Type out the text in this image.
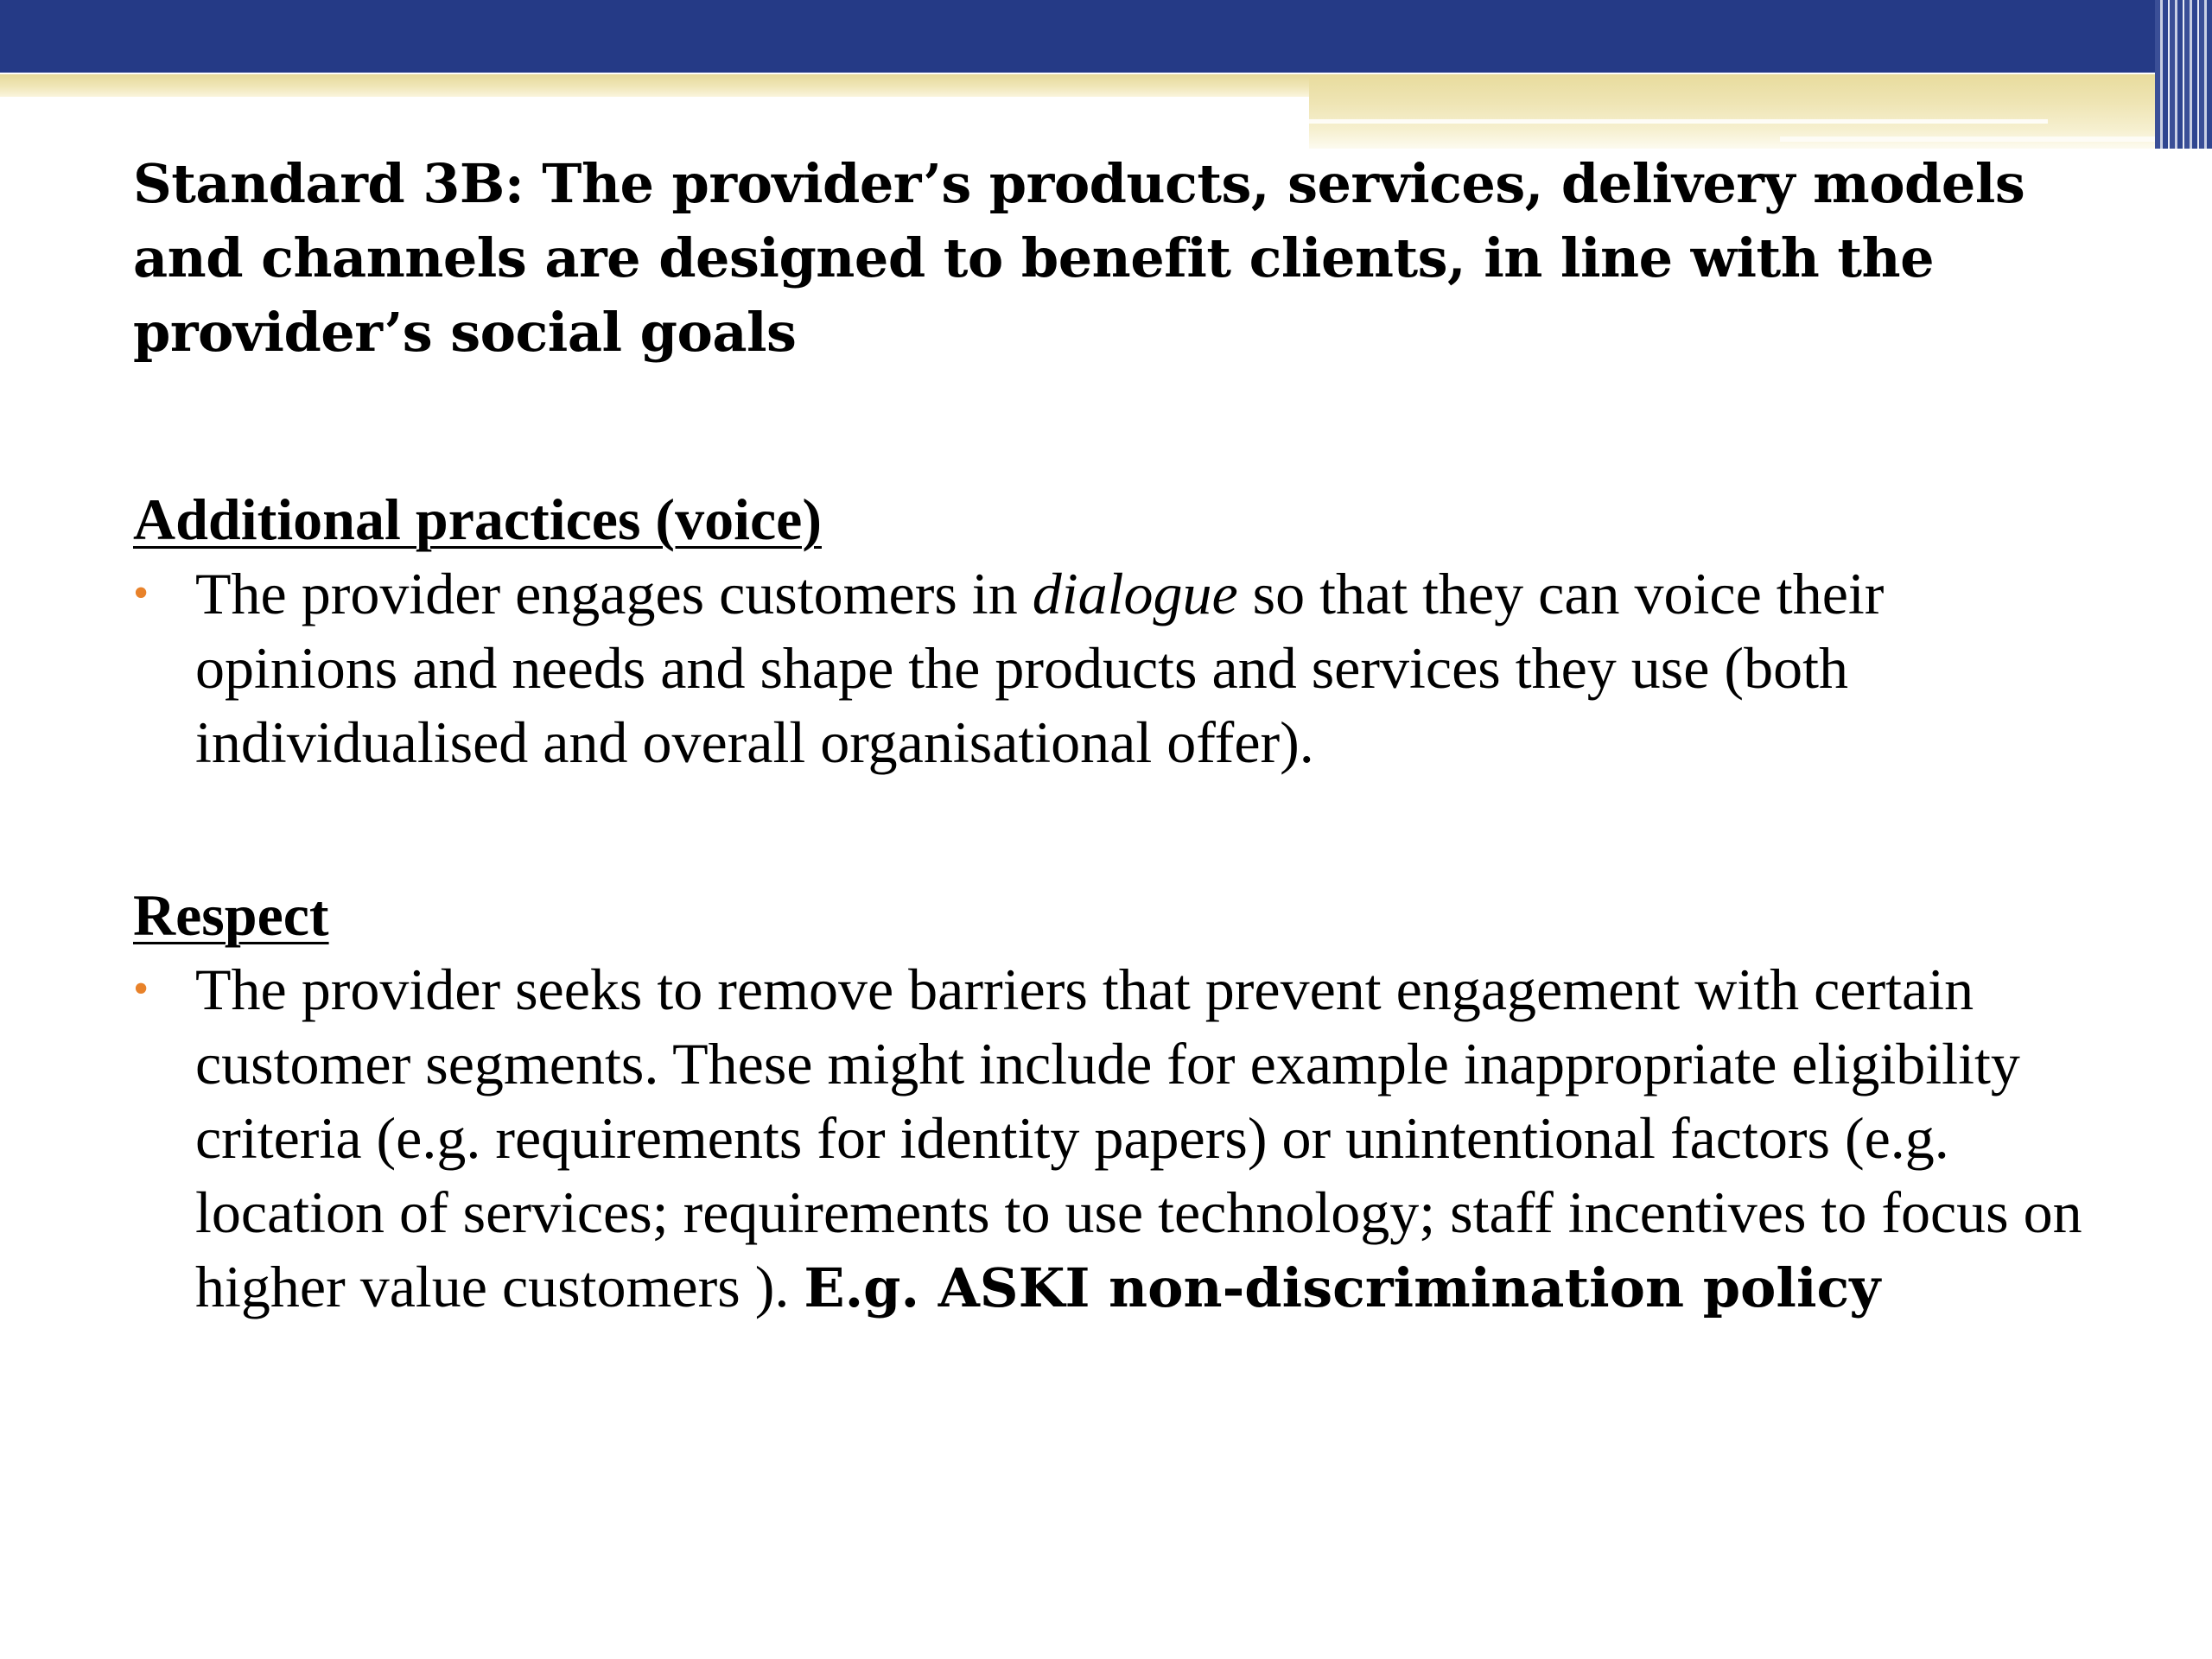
Standard 3B: The provider’s products, services, delivery models and channels are designed to benefit clients, in line with the provider’s social goals
Additional practices (voice)
• The provider engages customers in dialogue so that they can voice their opinions and needs and shape the products and services they use (both individualised and overall organisational offer).
Respect
• The provider seeks to remove barriers that prevent engagement with certain customer segments. These might include for example inappropriate eligibility criteria (e.g. requirements for identity papers) or unintentional factors (e.g. location of services; requirements to use technology; staff incentives to focus on higher value customers ). E.g. ASKI non-discrimination policy
